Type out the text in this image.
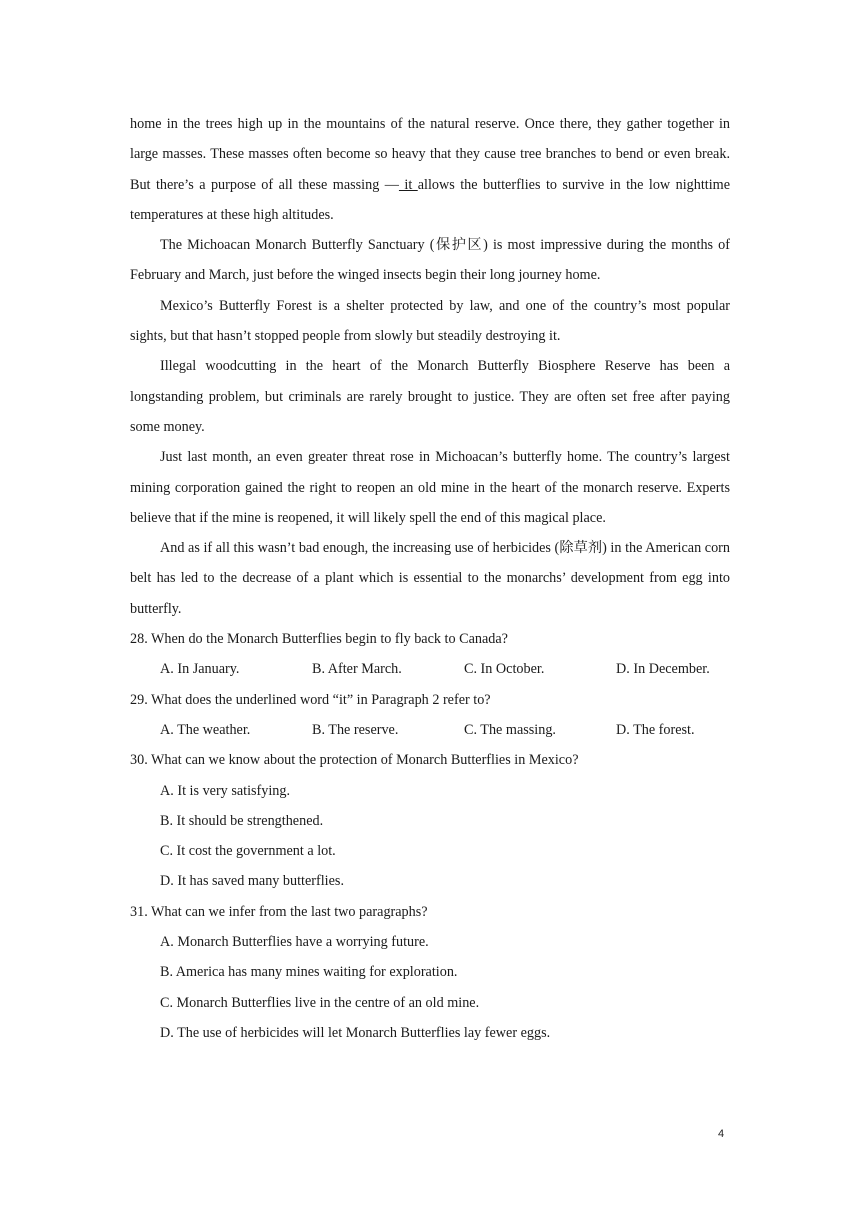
home in the trees high up in the mountains of the natural reserve. Once there, they gather together in large masses. These masses often become so heavy that they cause tree branches to bend or even break. But there’s a purpose of all these massing — it allows the butterflies to survive in the low nighttime temperatures at these high altitudes.

The Michoacan Monarch Butterfly Sanctuary (保护区) is most impressive during the months of February and March, just before the winged insects begin their long journey home.

Mexico’s Butterfly Forest is a shelter protected by law, and one of the country’s most popular sights, but that hasn’t stopped people from slowly but steadily destroying it.

Illegal woodcutting in the heart of the Monarch Butterfly Biosphere Reserve has been a longstanding problem, but criminals are rarely brought to justice. They are often set free after paying some money.

Just last month, an even greater threat rose in Michoacan’s butterfly home. The country’s largest mining corporation gained the right to reopen an old mine in the heart of the monarch reserve. Experts believe that if the mine is reopened, it will likely spell the end of this magical place.

And as if all this wasn’t bad enough, the increasing use of herbicides (除草剂) in the American corn belt has led to the decrease of a plant which is essential to the monarchs’ development from egg into butterfly.

28. When do the Monarch Butterflies begin to fly back to Canada?

A. In January.	B. After March.	C. In October.	D. In December.

29. What does the underlined word “it” in Paragraph 2 refer to?

A. The weather.	B. The reserve.	C. The massing.	D. The forest.

30. What can we know about the protection of Monarch Butterflies in Mexico?

A. It is very satisfying.

B. It should be strengthened.

C. It cost the government a lot.

D. It has saved many butterflies.

31. What can we infer from the last two paragraphs?

A. Monarch Butterflies have a worrying future.

B. America has many mines waiting for exploration.

C. Monarch Butterflies live in the centre of an old mine.

D. The use of herbicides will let Monarch Butterflies lay fewer eggs.

4
